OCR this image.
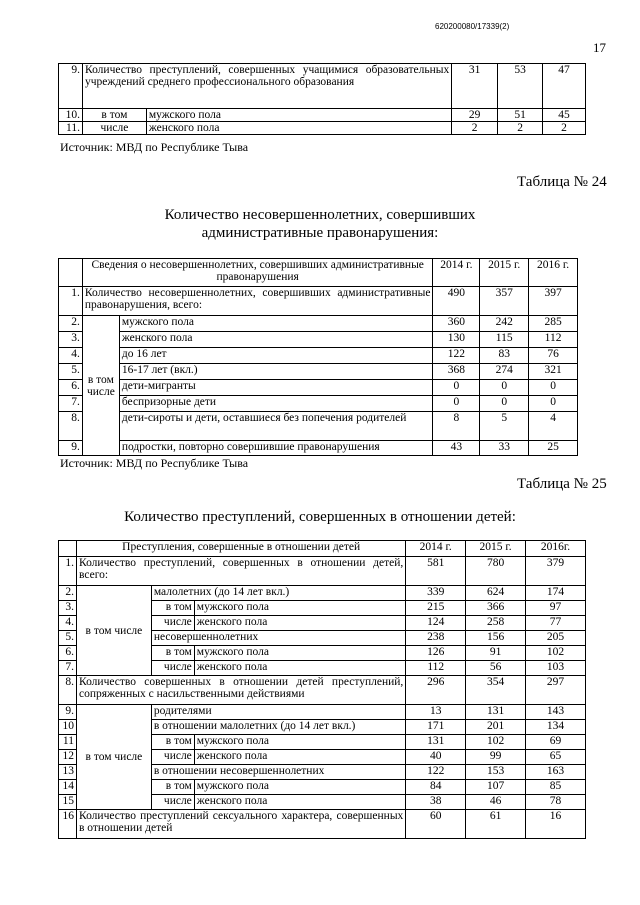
620200080/17339(2)
17
9.	Количество преступлений, совершенных учащимися образовательных учреждений среднего профессионального образования		31	53	47
10.	в том	мужского пола	29	51	45
11.	числе	женского пола	2	2	2
Источник: МВД по Республике Тыва
Таблица № 24
Количество несовершеннолетних, совершивших
административные правонарушения:
	Сведения о несовершеннолетних, совершивших административные правонарушения		2014 г.	2015 г.	2016 г.
1.	Количество несовершеннолетних, совершивших административные правонарушения, всего:		490	357	397
2.	в том числе	мужского пола	360	242	285
3.		женского пола	130	115	112
4.		до 16 лет	122	83	76
5.		16-17 лет (вкл.)	368	274	321
6.		дети-мигранты	0	0	0
7.		беспризорные дети	0	0	0
8.		дети-сироты и дети, оставшиеся без попечения родителей	8	5	4
9.		подростки, повторно совершившие правонарушения	43	33	25
Источник: МВД по Республике Тыва
Таблица № 25
Количество преступлений, совершенных в отношении детей:
	Преступления, совершенные в отношении детей			2014 г.	2015 г.	2016г.
1.	Количество преступлений, совершенных в отношении детей, всего:			581	780	379
2.	в том числе	малолетних (до 14 лет вкл.)		339	624	174
3.		в том	мужского пола	215	366	97
4.		числе	женского пола	124	258	77
5.		несовершеннолетних		238	156	205
6.		в том	мужского пола	126	91	102
7.		числе	женского пола	112	56	103
8.	Количество совершенных в отношении детей преступлений, сопряженных с насильственными действиями			296	354	297
9.	в том числе	родителями		13	131	143
10		в отношении малолетних (до 14 лет вкл.)		171	201	134
11		в том	мужского пола	131	102	69
12		числе	женского пола	40	99	65
13		в отношении несовершеннолетних		122	153	163
14		в том	мужского пола	84	107	85
15		числе	женского пола	38	46	78
16	Количество преступлений сексуального характера, совершенных в отношении детей			60	61	16
